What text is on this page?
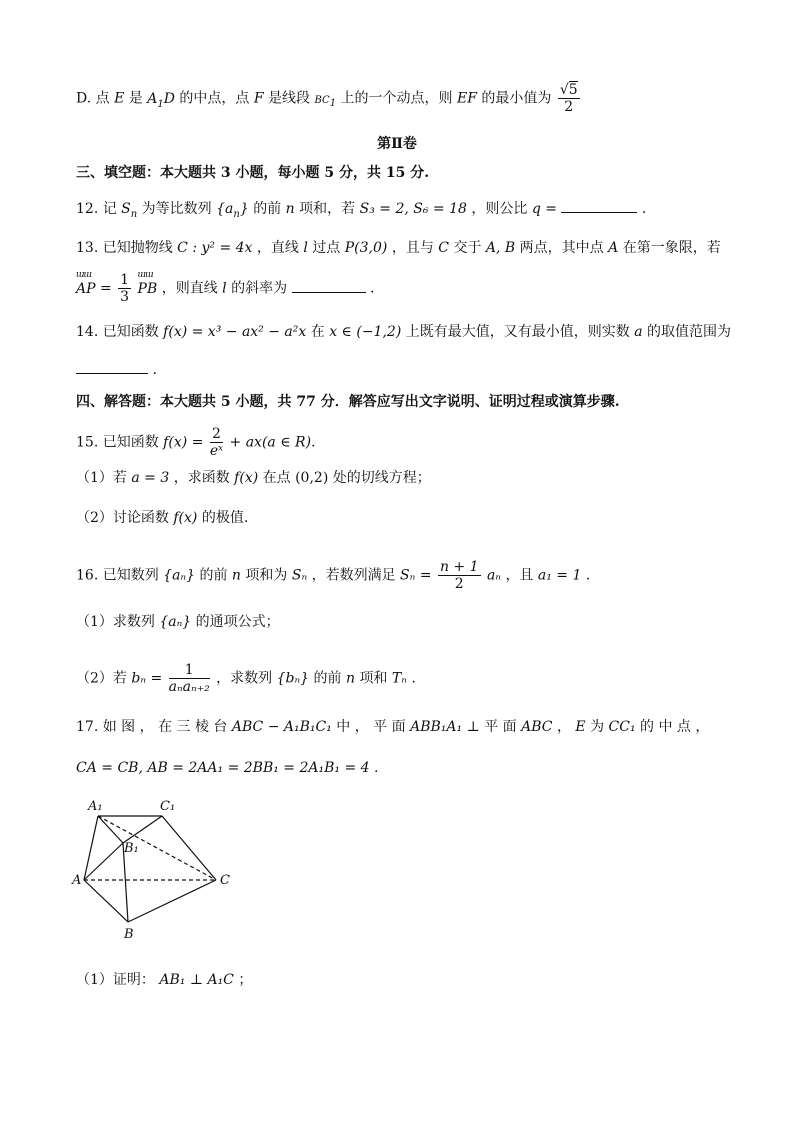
D. 点 E 是 $A_1D$ 的中点，点 F 是线段 $BC_1$ 上的一个动点，则 EF 的最小值为 $\frac{√5}{2}$
第Ⅱ卷
三、填空题：本大题共 3 小题，每小题 5 分，共 15 分.
12. 记 $S_n$ 为等比数列 $\{a_n\}$ 的前 n 项和，若 S₃ = 2, S₆ = 18 ，则公比 q =	.
13. 已知抛物线 C : y² = 4x ，直线 l 过点 P(3,0) ，且与 C 交于 A, B 两点，其中点 A 在第一象限，若
ɯɯ
AP = $\frac{1}{3}$
ɯɯ
PB ，则直线 l 的斜率为	.
14. 已知函数 f(x) = x³ − ax² − a²x 在 x ∈ (−1,2) 上既有最大值，又有最小值，则实数 a 的取值范围为
.
四、解答题：本大题共 5 小题，共 77 分．解答应写出文字说明、证明过程或演算步骤.
15. 已知函数 $f(x) = \frac{2}{\text{eˣ}} + ax(a$ ∈ R).
（1）若 a = 3 ，求函数 f(x) 在点 (0,2) 处的切线方程；
（2）讨论函数 f(x) 的极值.
16. 已知数列 {aₙ} 的前 n 项和为 Sₙ ，若数列满足 $S_n = \frac{n + 1}{2}$ aₙ ，且 a₁ = 1 .
（1）求数列 {aₙ} 的通项公式；
（2）若 $b_n = \frac{1}{\text{aₙaₙ₊₂}}$ ，求数列 {bₙ} 的前 n 项和 Tₙ .
17. 如 图 ， 在 三 棱 台 ABC − A₁B₁C₁ 中 ， 平 面 ABB₁A₁ ⊥ 平 面 ABC ， E 为 CC₁ 的 中 点 ，
CA = CB, AB = 2AA₁ = 2BB₁ = 2A₁B₁ = 4 .
A₁	C₁
B₁
A	C
B
（1）证明： AB₁ ⊥ A₁C ；
